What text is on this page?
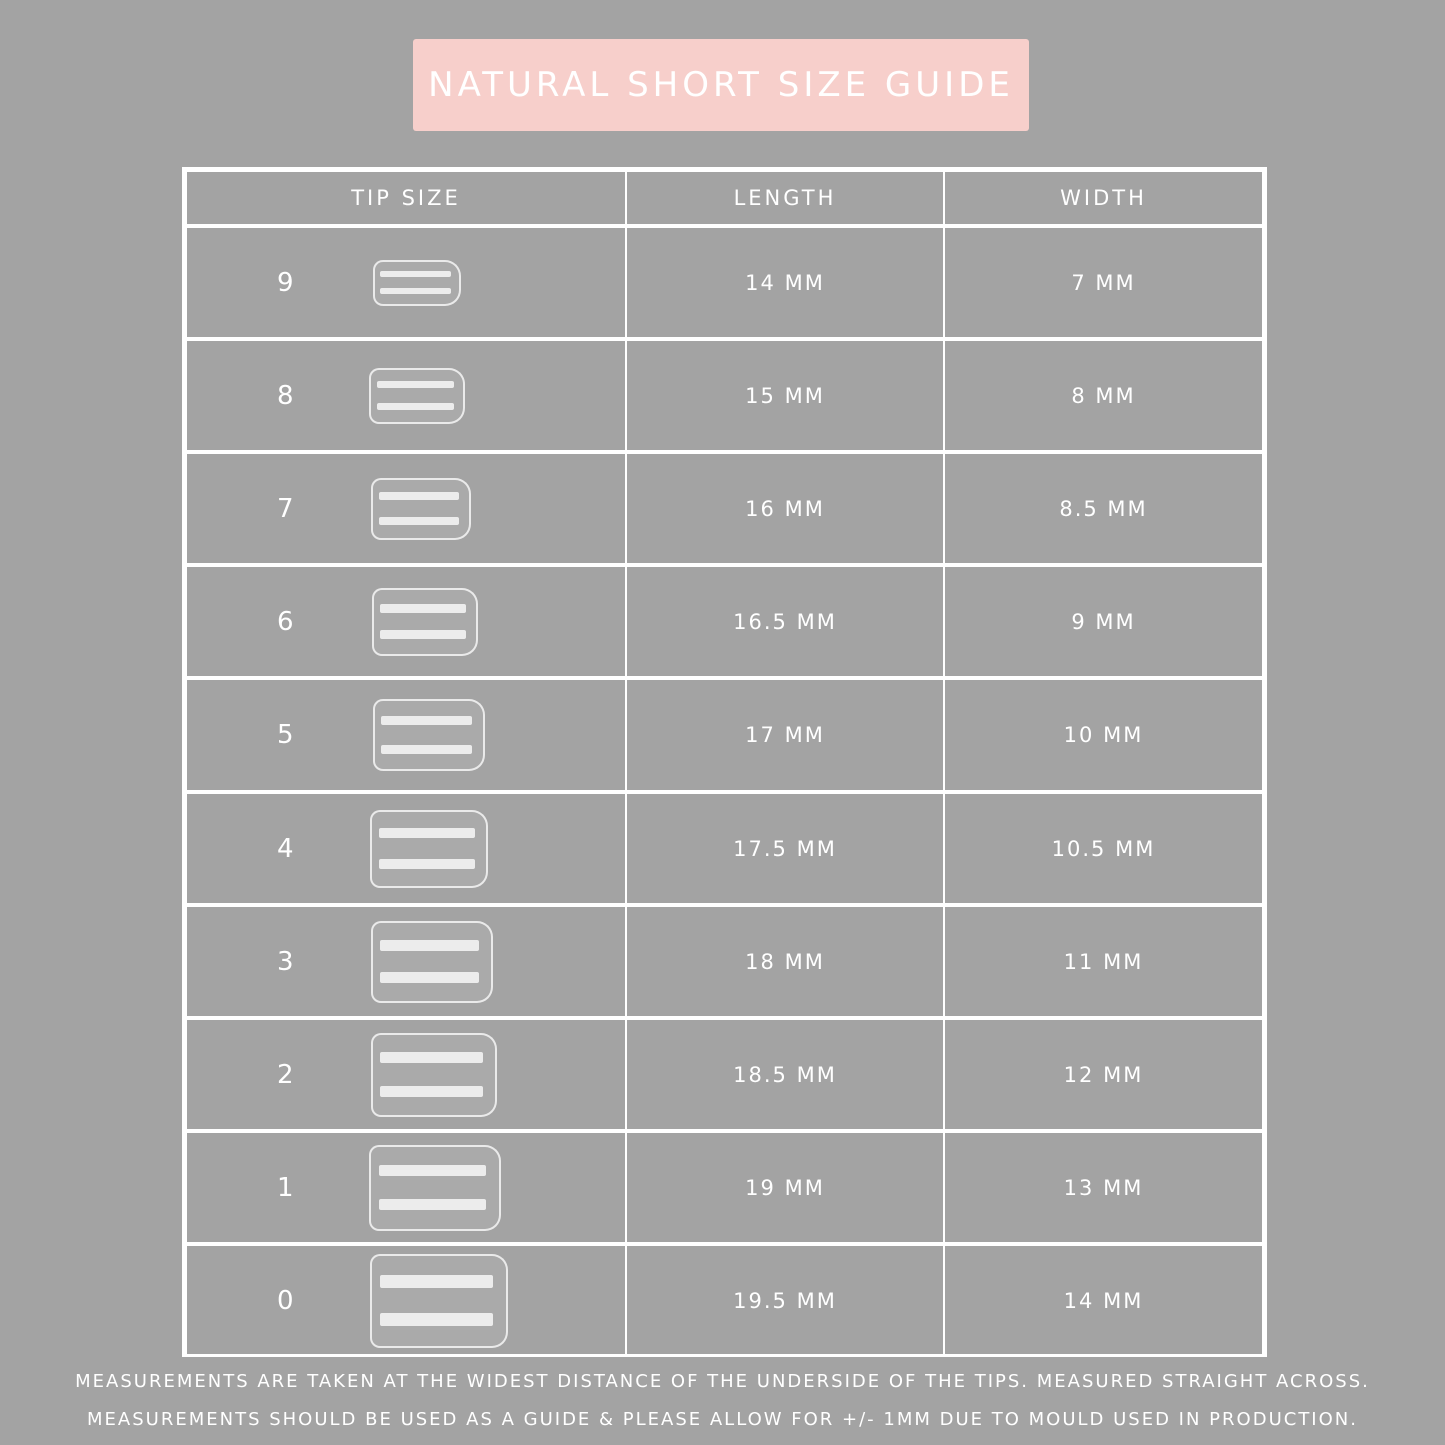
NATURAL SHORT SIZE GUIDE
TIP SIZE	LENGTH	WIDTH
9	14 MM	7 MM
8	15 MM	8 MM
7	16 MM	8.5 MM
6	16.5 MM	9 MM
5	17 MM	10 MM
4	17.5 MM	10.5 MM
3	18 MM	11 MM
2	18.5 MM	12 MM
1	19 MM	13 MM
0	19.5 MM	14 MM
MEASUREMENTS ARE TAKEN AT THE WIDEST DISTANCE OF THE UNDERSIDE OF THE TIPS. MEASURED STRAIGHT ACROSS.
MEASUREMENTS SHOULD BE USED AS A GUIDE & PLEASE ALLOW FOR +/- 1MM DUE TO MOULD USED IN PRODUCTION.
